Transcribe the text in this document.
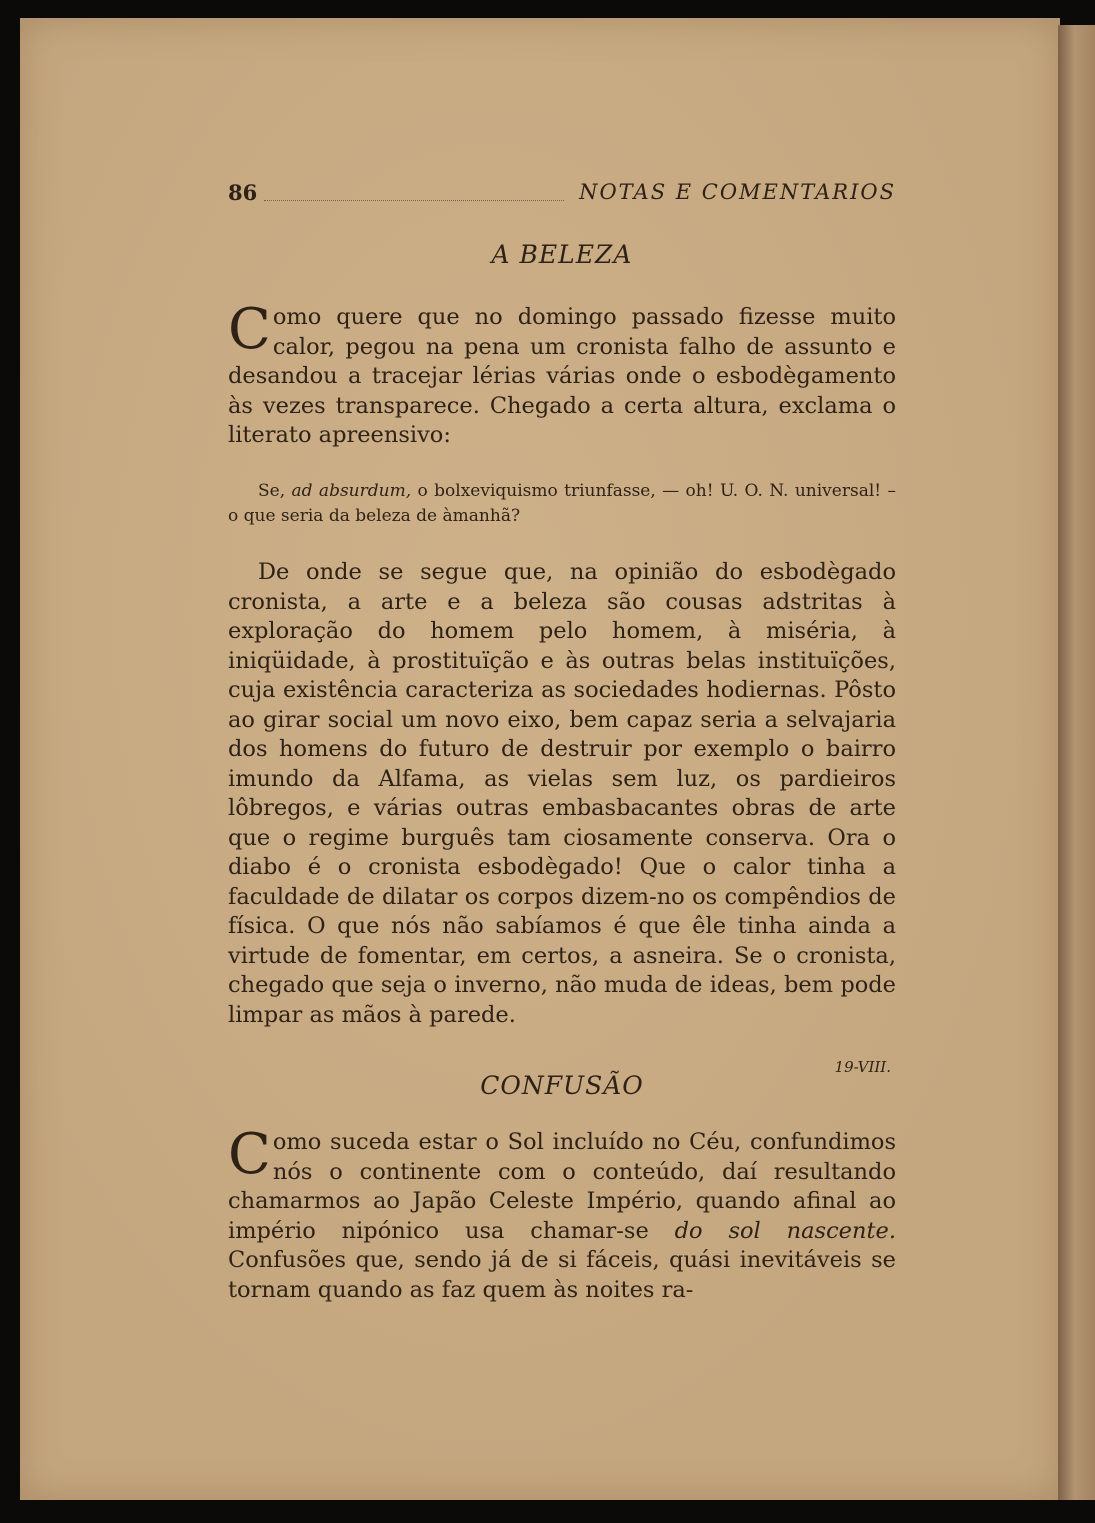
86	NOTAS E COMENTARIOS
A BELEZA

Como quere que no domingo passado fizesse muito calor, pegou na pena um cronista falho de assunto e desandou a tracejar lérias várias onde o esbodègamento às vezes transparece. Chegado a certa altura, exclama o literato apreensivo:

Se, ad absurdum, o bolxeviquismo triunfasse, — oh! U. O. N. universal! – o que seria da beleza de àmanhã?

De onde se segue que, na opinião do esbodègado cronista, a arte e a beleza são cousas adstritas à exploração do homem pelo homem, à miséria, à iniqüidade, à prostituïção e às outras belas instituïções, cuja existência caracteriza as sociedades hodiernas. Pôsto ao girar social um novo eixo, bem capaz seria a selvajaria dos homens do futuro de destruir por exemplo o bairro imundo da Alfama, as vielas sem luz, os pardieiros lôbregos, e várias outras embasbacantes obras de arte que o regime burguês tam ciosamente conserva. Ora o diabo é o cronista esbodègado! Que o calor tinha a faculdade de dilatar os corpos dizem-no os compêndios de física. O que nós não sabíamos é que êle tinha ainda a virtude de fomentar, em certos, a asneira. Se o cronista, chegado que seja o inverno, não muda de ideas, bem pode limpar as mãos à parede.

19-VIII.
CONFUSÃO

Como suceda estar o Sol incluído no Céu, confundimos nós o continente com o conteúdo, daí resultando chamarmos ao Japão Celeste Império, quando afinal ao império nipónico usa chamar-se do sol nascente. Confusões que, sendo já de si fáceis, quási inevitáveis se tornam quando as faz quem às noites ra-
